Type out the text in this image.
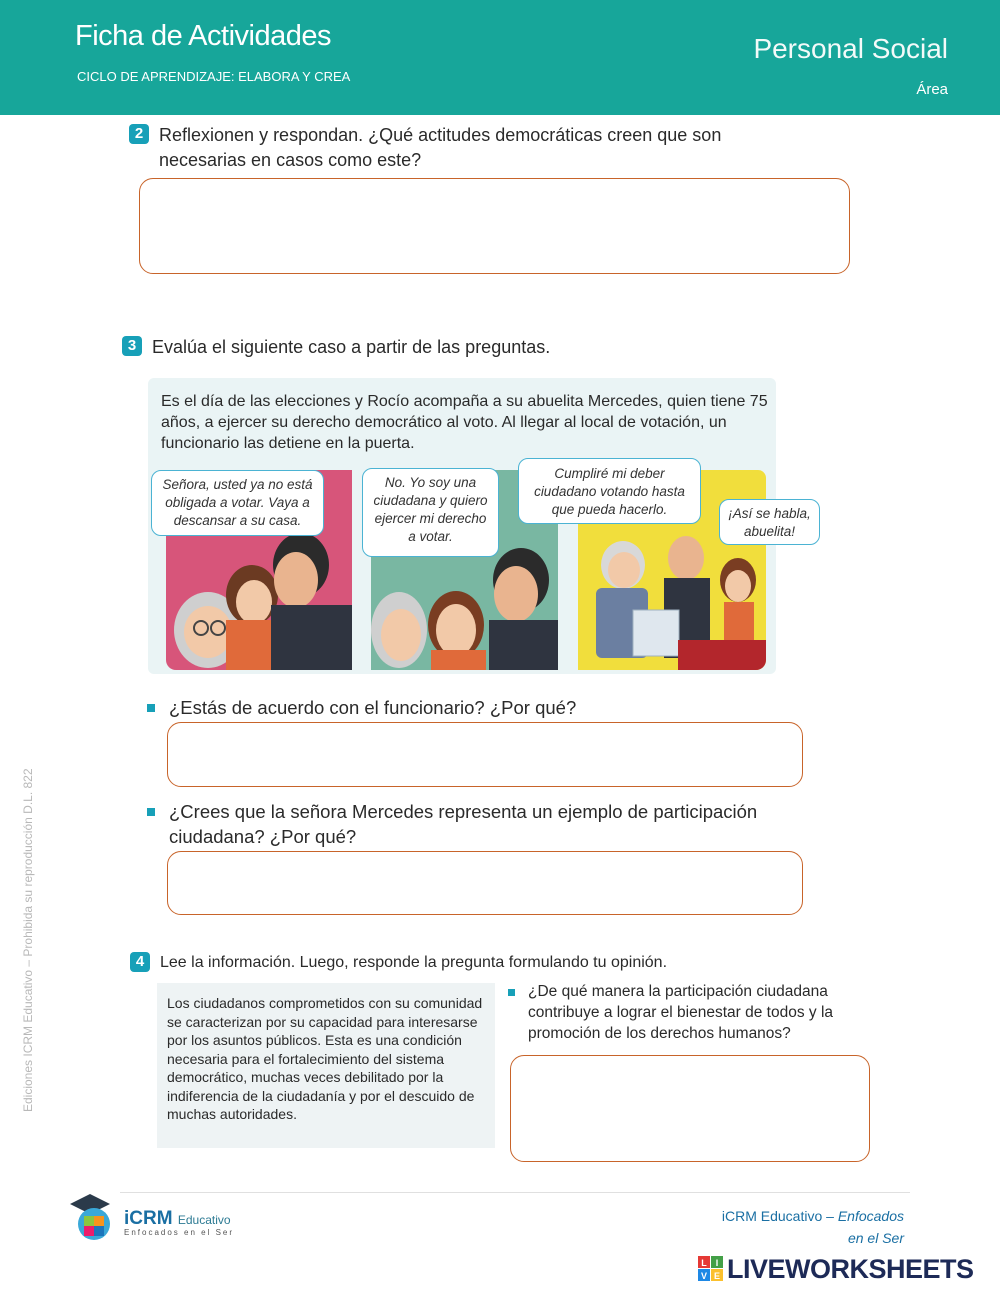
Ficha de Actividades
CICLO DE APRENDIZAJE: ELABORA Y CREA
Personal Social
Área
Ediciones ICRM Educativo – Prohibida su reproducción D.L. 822
2 Reflexionen y respondan. ¿Qué actitudes democráticas creen que son necesarias en casos como este?
3 Evalúa el siguiente caso a partir de las preguntas.
Es el día de las elecciones y Rocío acompaña a su abuelita Mercedes, quien tiene 75 años, a ejercer su derecho democrático al voto. Al llegar al local de votación, un funcionario las detiene en la puerta.
Señora, usted ya no está obligada a votar. Vaya a descansar a su casa.
No. Yo soy una ciudadana y quiero ejercer mi derecho a votar.
Cumpliré mi deber ciudadano votando hasta que pueda hacerlo.	¡Así se habla, abuelita!
¿Estás de acuerdo con el funcionario? ¿Por qué?
¿Crees que la señora Mercedes representa un ejemplo de participación ciudadana? ¿Por qué?
4 Lee la información. Luego, responde la pregunta formulando tu opinión.
Los ciudadanos comprometidos con su comunidad se caracterizan por su capacidad para interesarse por los asuntos públicos. Esta es una condición necesaria para el fortalecimiento del sistema democrático, muchas veces debilitado por la indiferencia de la ciudadanía y por el descuido de muchas autoridades.
¿De qué manera la participación ciudadana contribuye a lograr el bienestar de todos y la promoción de los derechos humanos?
iCRM Educativo
Enfocados en el Ser
iCRM Educativo – Enfocados
en el Ser
L I
V E LIVEWORKSHEETS
